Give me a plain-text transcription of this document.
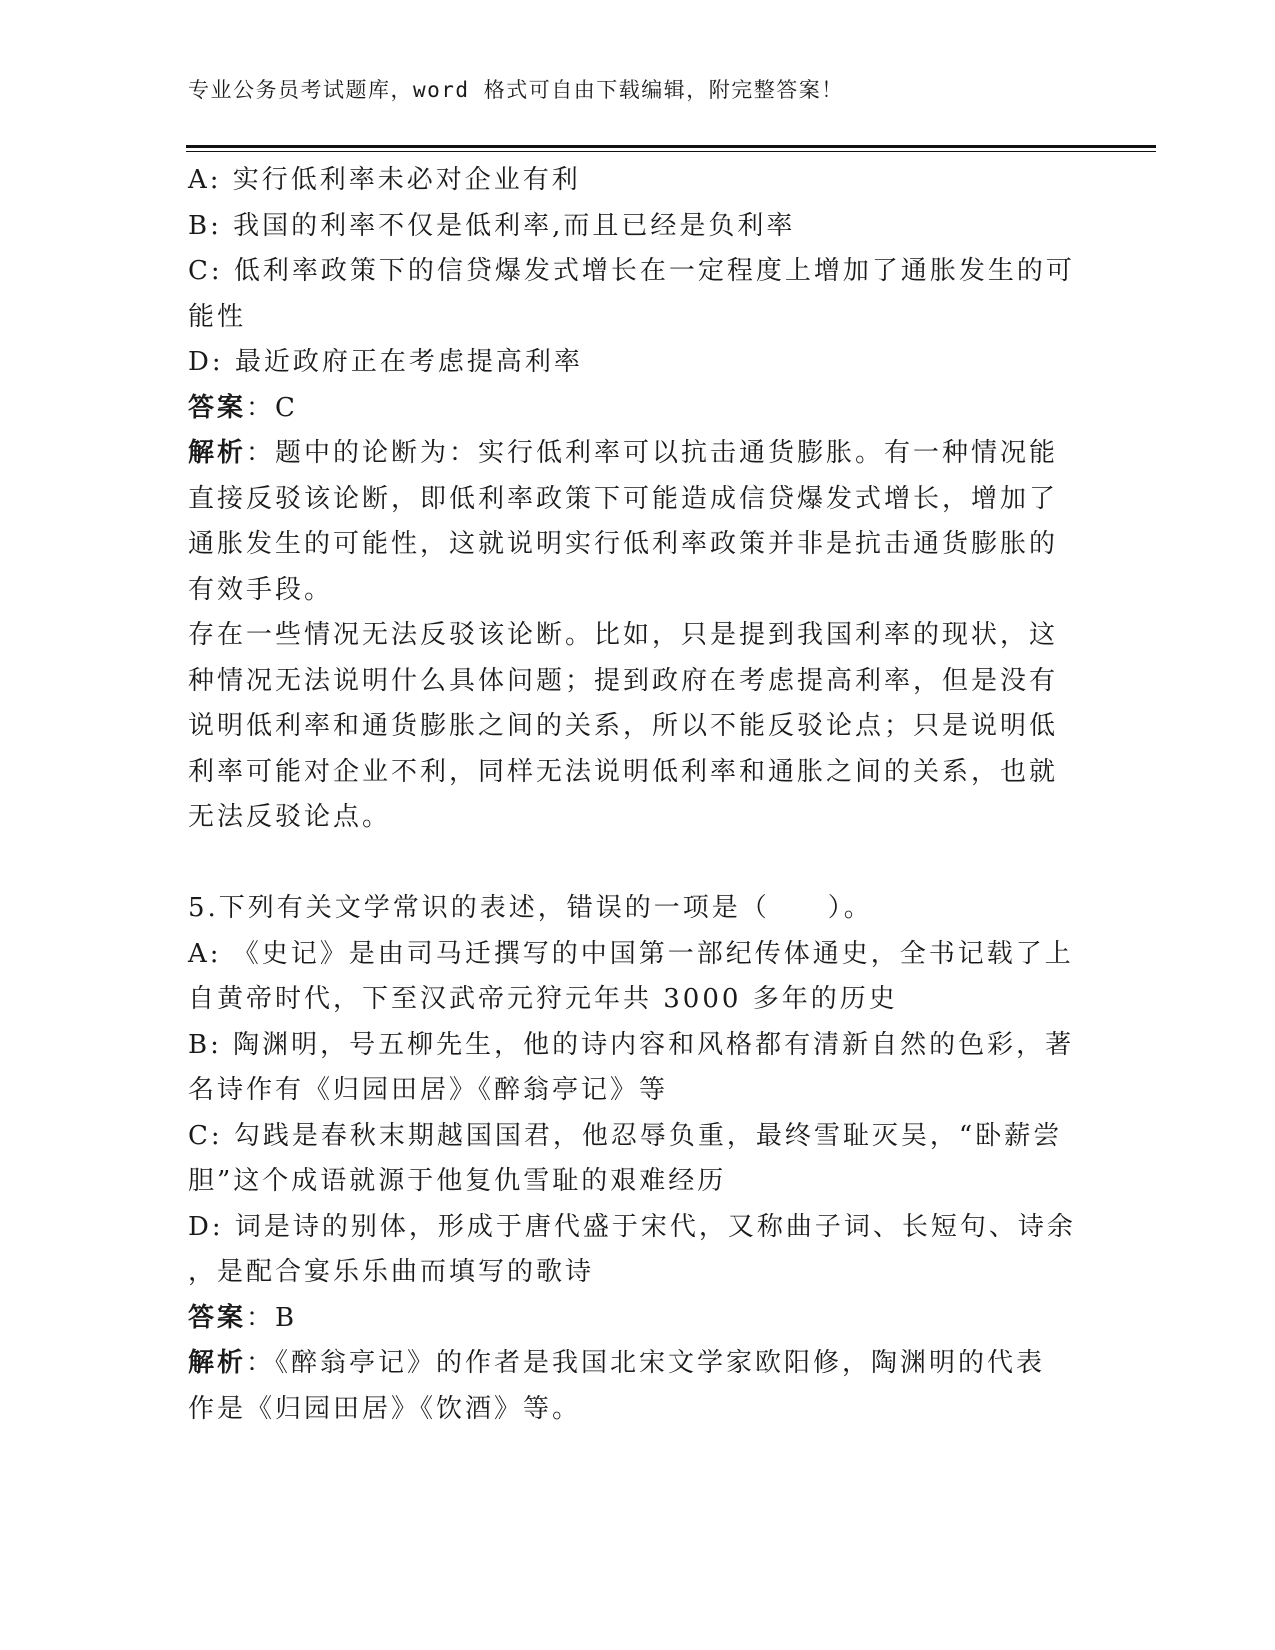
专业公务员考试题库，word 格式可自由下载编辑，附完整答案！
A: 实行低利率未必对企业有利
B: 我国的利率不仅是低利率,而且已经是负利率
C: 低利率政策下的信贷爆发式增长在一定程度上增加了通胀发生的可
能性
D: 最近政府正在考虑提高利率
答案：C
解析：题中的论断为：实行低利率可以抗击通货膨胀。有一种情况能
直接反驳该论断，即低利率政策下可能造成信贷爆发式增长，增加了
通胀发生的可能性，这就说明实行低利率政策并非是抗击通货膨胀的
有效手段。
存在一些情况无法反驳该论断。比如，只是提到我国利率的现状，这
种情况无法说明什么具体问题；提到政府在考虑提高利率，但是没有
说明低利率和通货膨胀之间的关系，所以不能反驳论点；只是说明低
利率可能对企业不利，同样无法说明低利率和通胀之间的关系，也就
无法反驳论点。
5.下列有关文学常识的表述，错误的一项是（　　）。
A: 《史记》是由司马迁撰写的中国第一部纪传体通史，全书记载了上
自黄帝时代，下至汉武帝元狩元年共 3000 多年的历史
B: 陶渊明，号五柳先生，他的诗内容和风格都有清新自然的色彩，著
名诗作有《归园田居》《醉翁亭记》等
C: 勾践是春秋末期越国国君，他忍辱负重，最终雪耻灭吴，“卧薪尝
胆”这个成语就源于他复仇雪耻的艰难经历
D: 词是诗的别体，形成于唐代盛于宋代，又称曲子词、长短句、诗余
，是配合宴乐乐曲而填写的歌诗
答案：B
解析：《醉翁亭记》的作者是我国北宋文学家欧阳修，陶渊明的代表
作是《归园田居》《饮酒》等。
